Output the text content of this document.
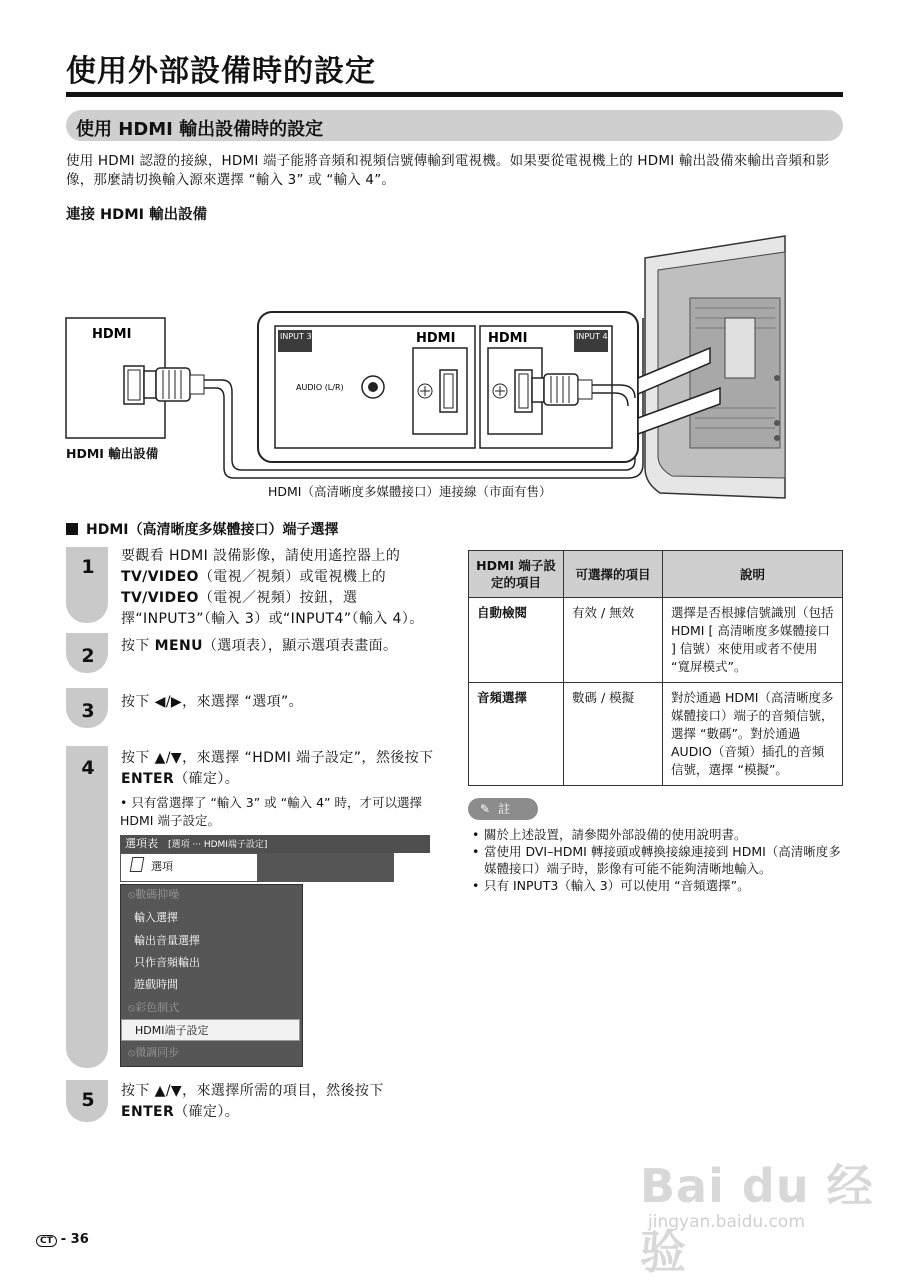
使用外部設備時的設定
使用 HDMI 輸出設備時的設定
使用 HDMI 認證的接線，HDMI 端子能將音頻和視頻信號傳輸到電視機。如果要從電視機上的 HDMI 輸出設備來輸出音頻和影像，那麼請切換輸入源來選擇 “輸入 3” 或 “輸入 4”。
連接 HDMI 輸出設備
HDMI	INPUT 3	INPUT 4
HDMI	HDMI
AUDIO (L/R)
HDMI 輸出設備
HDMI（高清晰度多媒體接口）連接線（市面有售）
HDMI（高清晰度多媒體接口）端子選擇
1
2
3
4
5
要觀看 HDMI 設備影像，請使用遙控器上的 TV/VIDEO（電視／視頻）或電視機上的 TV/VIDEO（電視／視頻）按鈕，選擇“INPUT3”（輸入 3）或“INPUT4”（輸入 4）。
按下 MENU（選項表），顯示選項表畫面。
按下 ◀/▶，來選擇 “選項”。
按下 ▲/▼，來選擇 “HDMI 端子設定”，然後按下 ENTER（確定）。
• 只有當選擇了 “輸入 3” 或 “輸入 4” 時，才可以選擇 HDMI 端子設定。
按下 ▲/▼，來選擇所需的項目，然後按下 ENTER（確定）。
選項表 [選項 ··· HDMI端子設定]
選項
⦸數碼抑噪
輸入選擇
輸出音量選擇
只作音頻輸出
遊戲時間
⦸彩色制式
HDMI端子設定
⦸微調同步
HDMI 端子設定的項目	可選擇的項目	說明
自動檢閱	有效 / 無效	選擇是否根據信號識別（包括 HDMI [ 高清晰度多媒體接口 ] 信號）來使用或者不使用 “寬屏模式”。
音頻選擇	數碼 / 模擬	對於通過 HDMI（高清晰度多媒體接口）端子的音頻信號，選擇 “數碼”。對於通過 AUDIO（音頻）插孔的音頻信號，選擇 “模擬”。
✎ 註
• 關於上述設置，請參閱外部設備的使用說明書。
• 當使用 DVI–HDMI 轉接頭或轉換接線連接到 HDMI（高清晰度多媒體接口）端子時，影像有可能不能夠清晰地輸入。
• 只有 INPUT3（輸入 3）可以使用 “音頻選擇”。
Bai du 经验
jingyan.baidu.com
CT - 36
